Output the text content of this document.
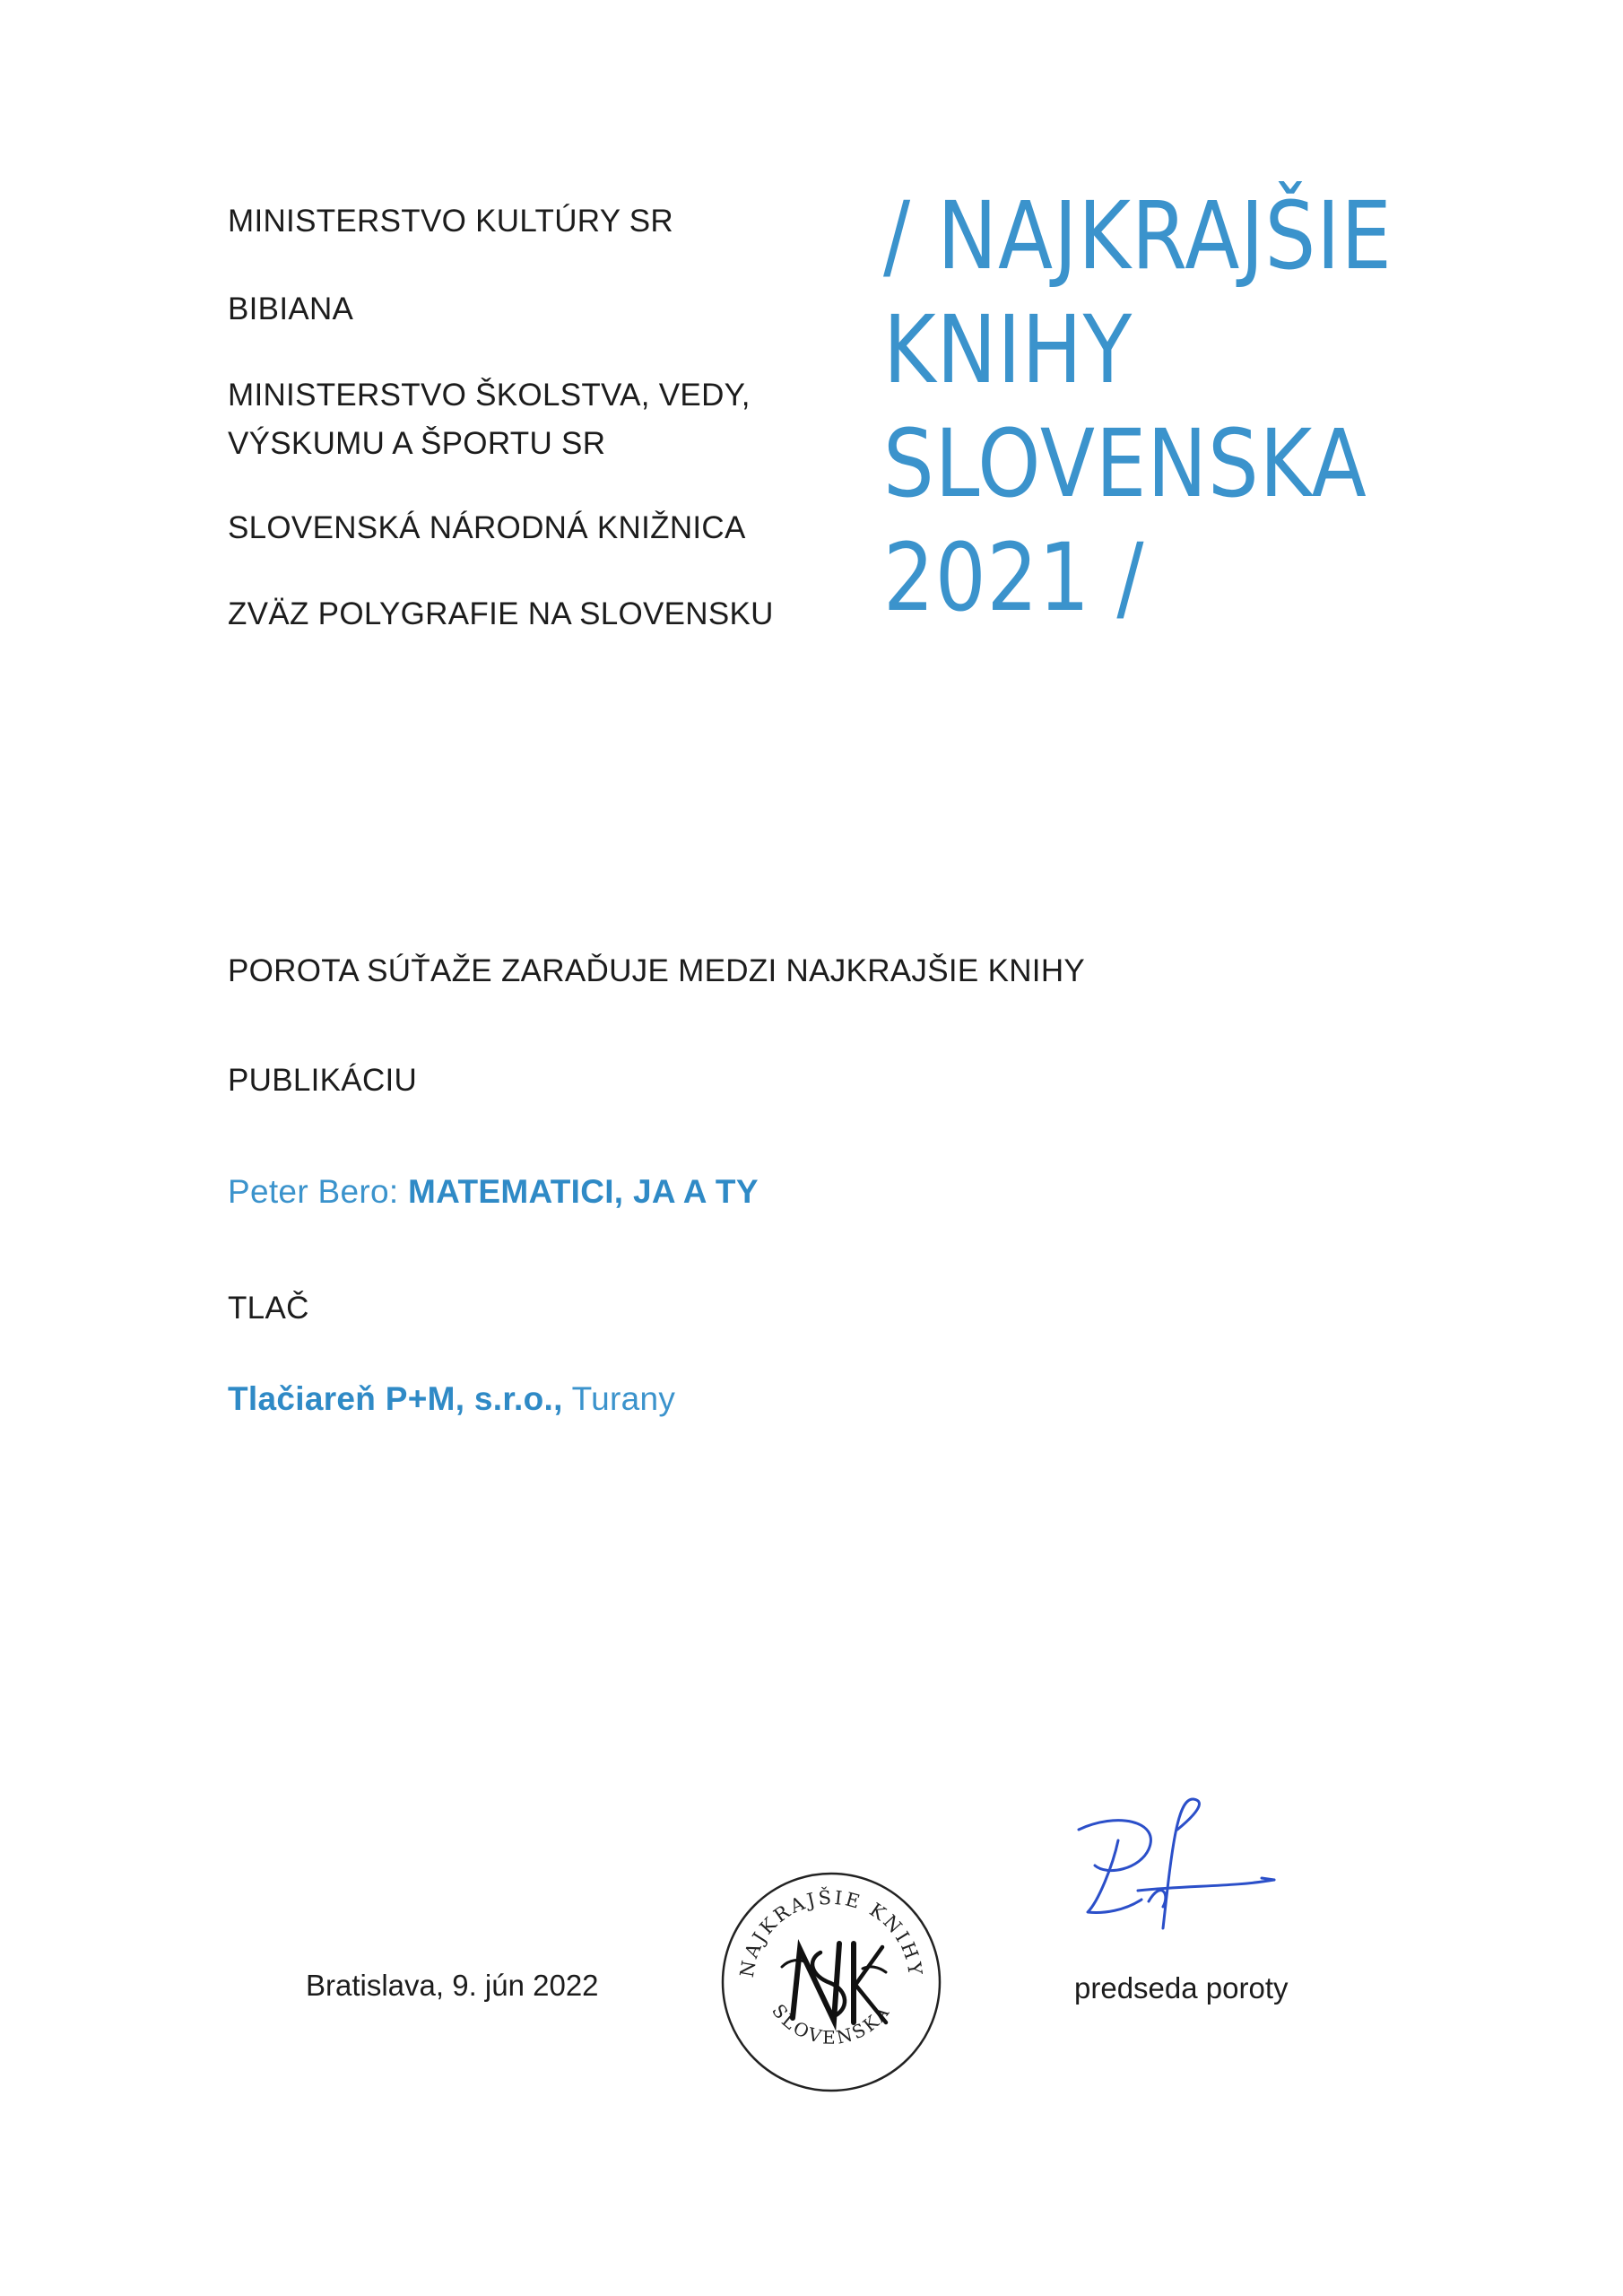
MINISTERSTVO KULTÚRY SR
BIBIANA
MINISTERSTVO ŠKOLSTVA, VEDY,
VÝSKUMU A ŠPORTU SR
SLOVENSKÁ NÁRODNÁ KNIŽNICA
ZVÄZ POLYGRAFIE NA SLOVENSKU
/ NAJKRAJŠIE
KNIHY
SLOVENSKA
2021 /
POROTA SÚŤAŽE ZARAĎUJE MEDZI NAJKRAJŠIE KNIHY
PUBLIKÁCIU
Peter Bero: MATEMATICI, JA A TY
TLAČ
Tlačiareň P+M, s.r.o., Turany
Bratislava, 9. jún 2022
NAJKRAJŠIE KNIHY
SLOVENSKA
predseda poroty
